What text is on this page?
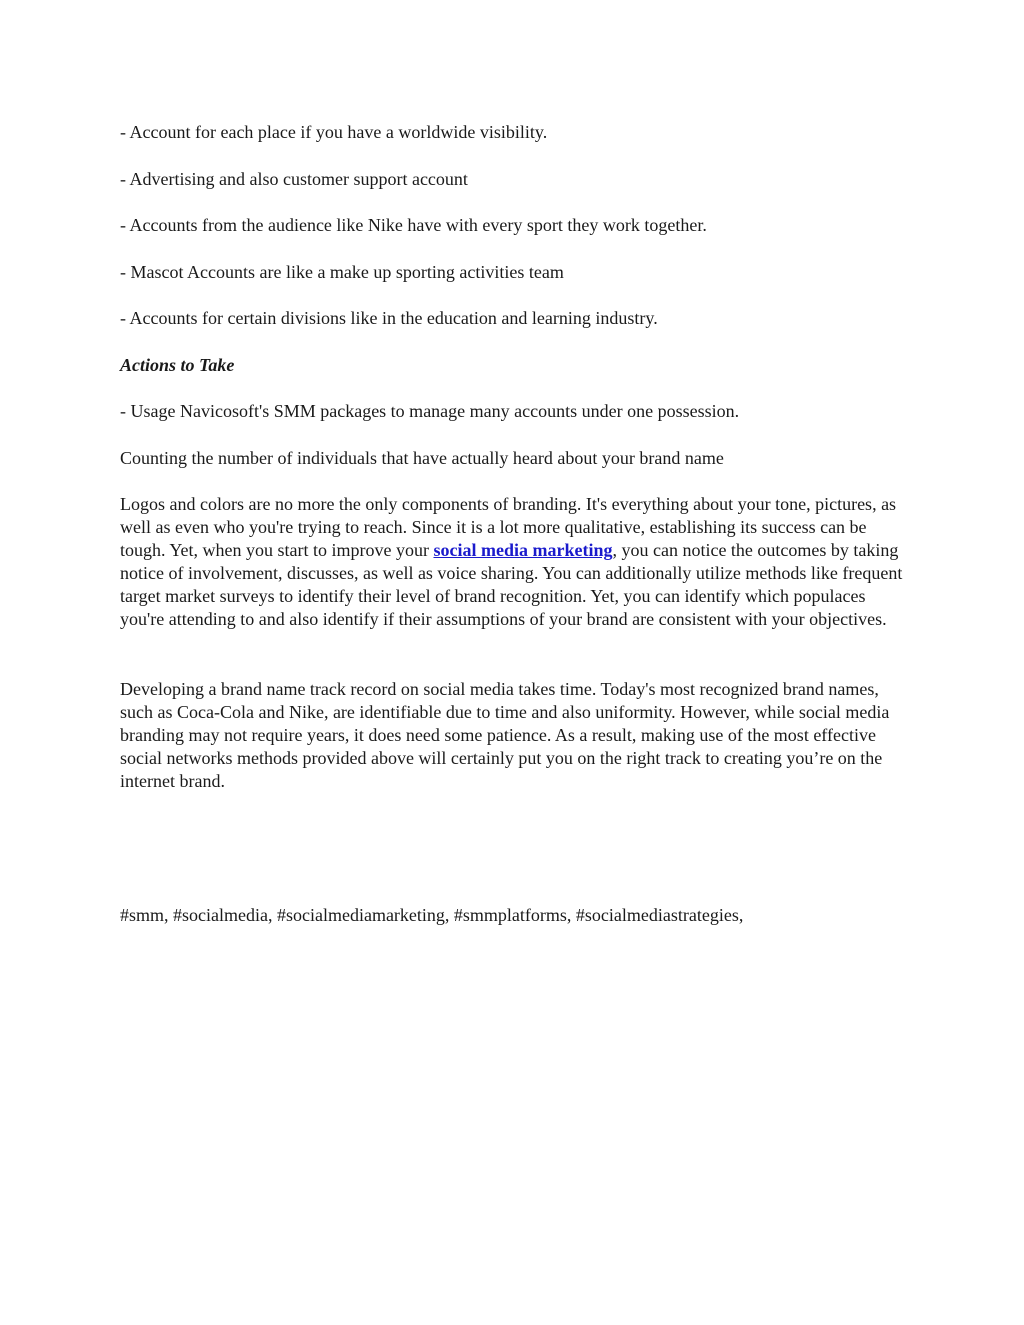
- Account for each place if you have a worldwide visibility.

- Advertising and also customer support account

- Accounts from the audience like Nike have with every sport they work together.

- Mascot Accounts are like a make up sporting activities team

- Accounts for certain divisions like in the education and learning industry.

Actions to Take

- Usage Navicosoft's SMM packages to manage many accounts under one possession.

Counting the number of individuals that have actually heard about your brand name

Logos and colors are no more the only components of branding. It's everything about your tone, pictures, as well as even who you're trying to reach. Since it is a lot more qualitative, establishing its success can be tough. Yet, when you start to improve your social media marketing, you can notice the outcomes by taking notice of involvement, discusses, as well as voice sharing. You can additionally utilize methods like frequent target market surveys to identify their level of brand recognition. Yet, you can identify which populaces you're attending to and also identify if their assumptions of your brand are consistent with your objectives.

Developing a brand name track record on social media takes time. Today's most recognized brand names, such as Coca-Cola and Nike, are identifiable due to time and also uniformity. However, while social media branding may not require years, it does need some patience. As a result, making use of the most effective social networks methods provided above will certainly put you on the right track to creating you’re on the internet brand.

#smm, #socialmedia, #socialmediamarketing, #smmplatforms, #socialmediastrategies,
